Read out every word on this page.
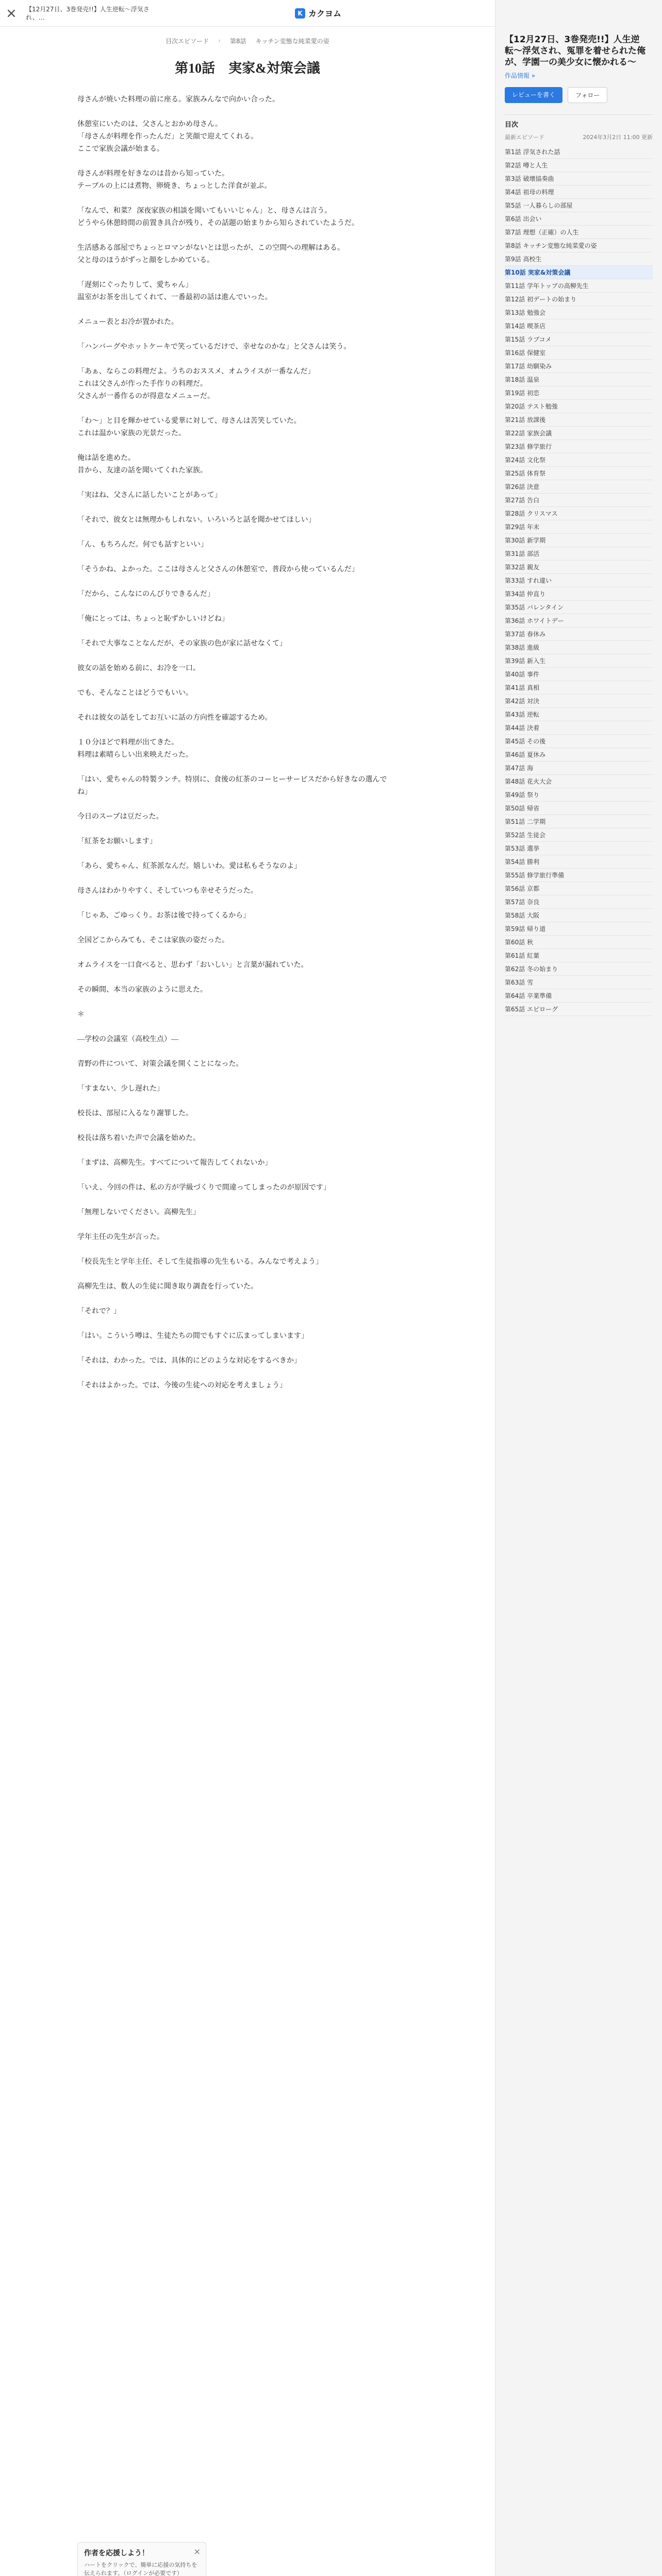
×	【12月27日、3巻発売!!】人生逆転〜浮気され、…
K カクヨム
目次エピソード › 第8話 キッチン変態な純菜愛の姿
第10話　実家&対策会議

母さんが焼いた料理の前に座る。家族みんなで向かい合った。

休憩室にいたのは、父さんとおかめ母さん。

「母さんが料理を作ったんだ」と笑顔で迎えてくれる。

ここで家族会議が始まる。

母さんが料理を好きなのは昔から知っていた。

テーブルの上には煮物、卵焼き、ちょっとした洋食が並ぶ。

「なんで、和菜？ 深夜家族の相談を聞いてもいいじゃん」と、母さんは言う。

どうやら休憩時間の前置き具合が残り、その話題の始まりから知らされていたようだ。

生活感ある部屋でちょっとロマンがないとは思ったが、この空間への理解はある。

父と母のほうがずっと顔をしかめている。

「遅刻にぐったりして、愛ちゃん」

温室がお茶を出してくれて、一番最初の話は進んでいった。

メニュー表とお冷が置かれた。

「ハンバーグやホットケーキで笑っているだけで、幸せなのかな」と父さんは笑う。

「あぁ、ならこの料理だよ。うちのおススメ、オムライスが一番なんだ」

これは父さんが作った手作りの料理だ。

父さんが一番作るのが得意なメニューだ。

「わ〜」と目を輝かせている愛華に対して、母さんは苦笑していた。

これは温かい家族の光景だった。

俺は話を進めた。

昔から、友達の話を聞いてくれた家族。

「実はね、父さんに話したいことがあって」

「それで、彼女とは無理かもしれない。いろいろと話を聞かせてほしい」

「ん、もちろんだ。何でも話すといい」

「そうかね、よかった。ここは母さんと父さんの休憩室で、普段から使っているんだ」

「だから、こんなにのんびりできるんだ」

「俺にとっては、ちょっと恥ずかしいけどね」

「それで大事なことなんだが、その家族の色が家に話せなくて」

彼女の話を始める前に、お冷を一口。

でも、そんなことはどうでもいい。

それは彼女の話をしてお互いに話の方向性を確認するため。

１０分ほどで料理が出てきた。

料理は素晴らしい出来映えだった。

「はい、愛ちゃんの特製ランチ。特別に、食後の紅茶のコーヒーサービスだから好きなの選んでね」

今日のスープは豆だった。

「紅茶をお願いします」

「あら、愛ちゃん、紅茶派なんだ。嬉しいわ。愛は私もそうなのよ」

母さんはわかりやすく、そしていつも幸せそうだった。

「じゃあ、ごゆっくり。お茶は後で持ってくるから」

全国どこからみても、そこは家族の姿だった。

オムライスを一口食べると、思わず「おいしい」と言葉が漏れていた。

その瞬間、本当の家族のように思えた。

＊

―学校の会議室（高校生点）―

青野の件について、対策会議を開くことになった。

「すまない、少し遅れた」

校長は、部屋に入るなり謝罪した。

校長は落ち着いた声で会議を始めた。

「まずは、高柳先生。すべてについて報告してくれないか」

「いえ、今回の件は、私の方が学級づくりで間違ってしまったのが原因です」

「無理しないでください。高柳先生」

学年主任の先生が言った。

「校長先生と学年主任、そして生徒指導の先生もいる。みんなで考えよう」

高柳先生は、数人の生徒に聞き取り調査を行っていた。

「それで？」

「はい。こういう噂は、生徒たちの間でもすぐに広まってしまいます」

「それは、わかった。では、具体的にどのような対応をするべきか」

「それはよかった。では、今後の生徒への対応を考えましょう」

作者を応援しよう！
ハートをクリックで、簡単に応援の気持ちを伝えられます。（ログインが必要です）
×
【12月27日、3巻発売!!】人生逆転〜浮気され、冤罪を着せられた俺が、学園一の美少女に懐かれる〜
作品情報 »
レビューを書く	フォロー
目次
最新エピソード	2024年3月2日 11:00 更新
第1話 浮気された話
第2話 噂と人生
第3話 破壊協奏曲
第4話 祖母の料理
第5話 一人暮らしの部屋
第6話 出会い
第7話 理想（正確）の人生
第8話 キッチン変態な純菜愛の姿
第9話 高校生
第10話 実家&対策会議
第11話 学年トップの高柳先生
第12話 初デートの始まり
第13話 勉強会
第14話 喫茶店
第15話 ラブコメ
第16話 保健室
第17話 幼馴染み
第18話 温泉
第19話 初恋
第20話 テスト勉強
第21話 放課後
第22話 家族会議
第23話 修学旅行
第24話 文化祭
第25話 体育祭
第26話 決意
第27話 告白
第28話 クリスマス
第29話 年末
第30話 新学期
第31話 部活
第32話 親友
第33話 すれ違い
第34話 仲直り
第35話 バレンタイン
第36話 ホワイトデー
第37話 春休み
第38話 進級
第39話 新入生
第40話 事件
第41話 真相
第42話 対決
第43話 逆転
第44話 決着
第45話 その後
第46話 夏休み
第47話 海
第48話 花火大会
第49話 祭り
第50話 帰省
第51話 二学期
第52話 生徒会
第53話 選挙
第54話 勝利
第55話 修学旅行準備
第56話 京都
第57話 奈良
第58話 大阪
第59話 帰り道
第60話 秋
第61話 紅葉
第62話 冬の始まり
第63話 雪
第64話 卒業準備
第65話 エピローグ
